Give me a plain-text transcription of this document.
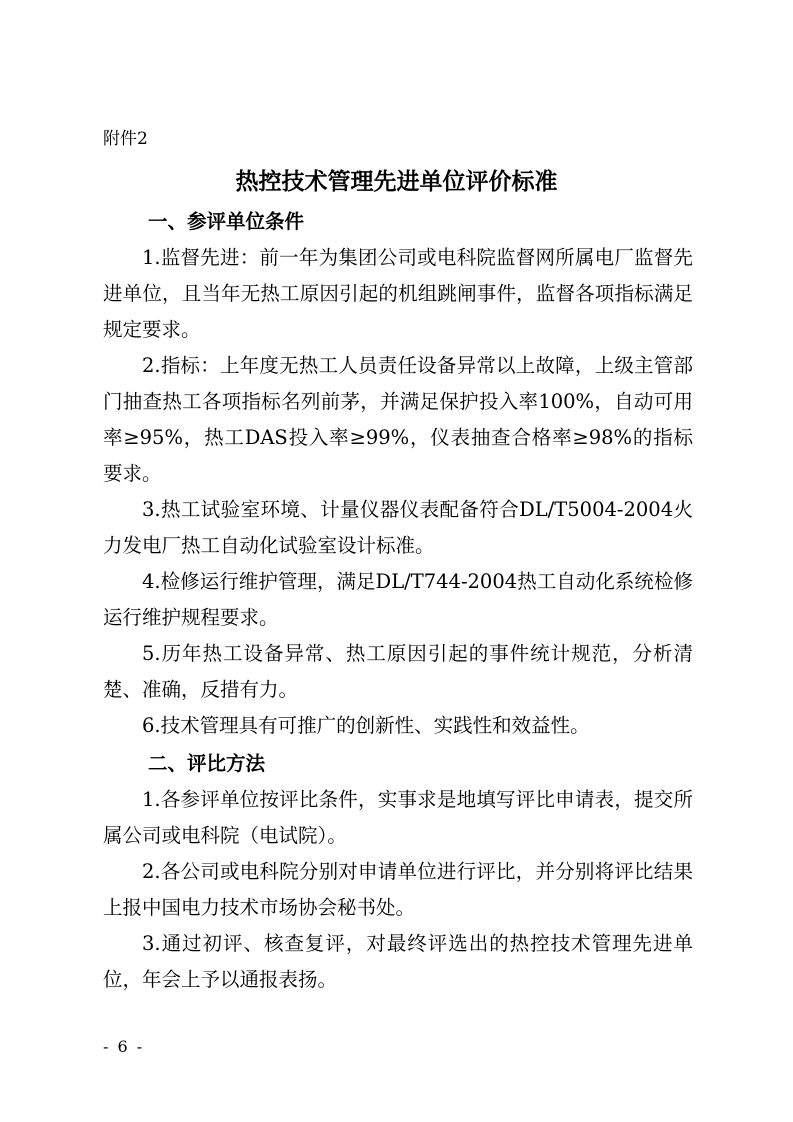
附件2
热控技术管理先进单位评价标准
一、参评单位条件
1.监督先进：前一年为集团公司或电科院监督网所属电厂监督先进单位，且当年无热工原因引起的机组跳闸事件，监督各项指标满足规定要求。
2.指标：上年度无热工人员责任设备异常以上故障，上级主管部门抽查热工各项指标名列前茅，并满足保护投入率100%，自动可用率≥95%，热工DAS投入率≥99%，仪表抽查合格率≥98%的指标要求。
3.热工试验室环境、计量仪器仪表配备符合DL/T5004-2004火力发电厂热工自动化试验室设计标准。
4.检修运行维护管理，满足DL/T744-2004热工自动化系统检修运行维护规程要求。
5.历年热工设备异常、热工原因引起的事件统计规范，分析清楚、准确，反措有力。
6.技术管理具有可推广的创新性、实践性和效益性。
二、评比方法
1.各参评单位按评比条件，实事求是地填写评比申请表，提交所属公司或电科院（电试院）。
2.各公司或电科院分别对申请单位进行评比，并分别将评比结果上报中国电力技术市场协会秘书处。
3.通过初评、核查复评，对最终评选出的热控技术管理先进单位，年会上予以通报表扬。
- 6 -
